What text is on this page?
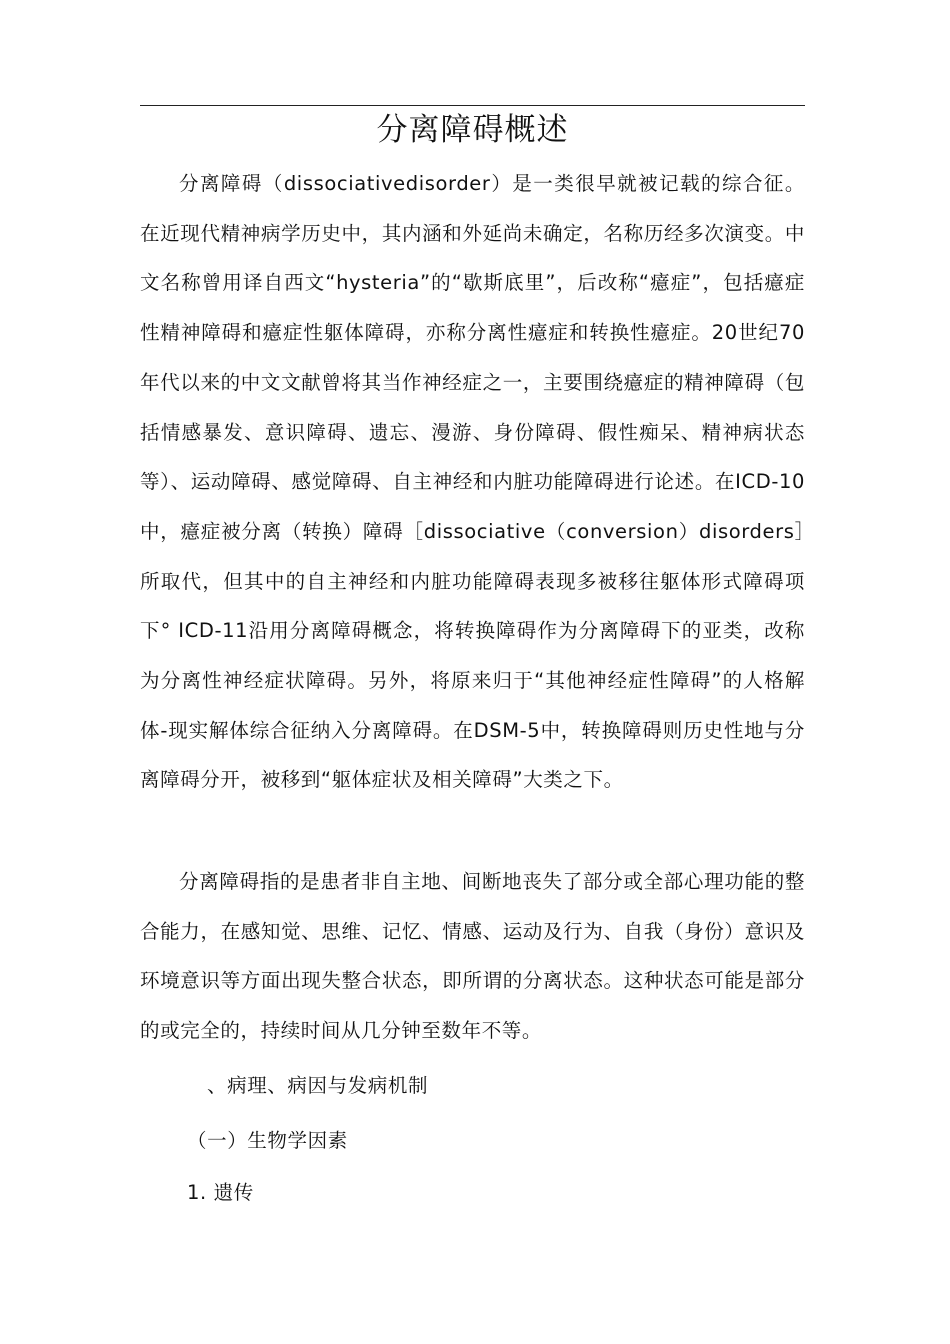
分离障碍概述

分离障碍（dissociativedisorder）是一类很早就被记载的综合征。在近现代精神病学历史中，其内涵和外延尚未确定，名称历经多次演变。中文名称曾用译自西文“hysteria”的“歇斯底里”，后改称“癔症”，包括癔症性精神障碍和癔症性躯体障碍，亦称分离性癔症和转换性癔症。20世纪70年代以来的中文文献曾将其当作神经症之一，主要围绕癔症的精神障碍（包括情感暴发、意识障碍、遗忘、漫游、身份障碍、假性痴呆、精神病状态等）、运动障碍、感觉障碍、自主神经和内脏功能障碍进行论述。在ICD-10中，癔症被分离（转换）障碍［dissociative（conversion）disorders］所取代，但其中的自主神经和内脏功能障碍表现多被移往躯体形式障碍项下° ICD-11沿用分离障碍概念，将转换障碍作为分离障碍下的亚类，改称为分离性神经症状障碍。另外，将原来归于“其他神经症性障碍”的人格解体-现实解体综合征纳入分离障碍。在DSM-5中，转换障碍则历史性地与分离障碍分开，被移到“躯体症状及相关障碍”大类之下。

分离障碍指的是患者非自主地、间断地丧失了部分或全部心理功能的整合能力，在感知觉、思维、记忆、情感、运动及行为、自我（身份）意识及环境意识等方面出现失整合状态，即所谓的分离状态。这种状态可能是部分的或完全的，持续时间从几分钟至数年不等。

、病理、病因与发病机制

（一）生物学因素

1. 遗传
